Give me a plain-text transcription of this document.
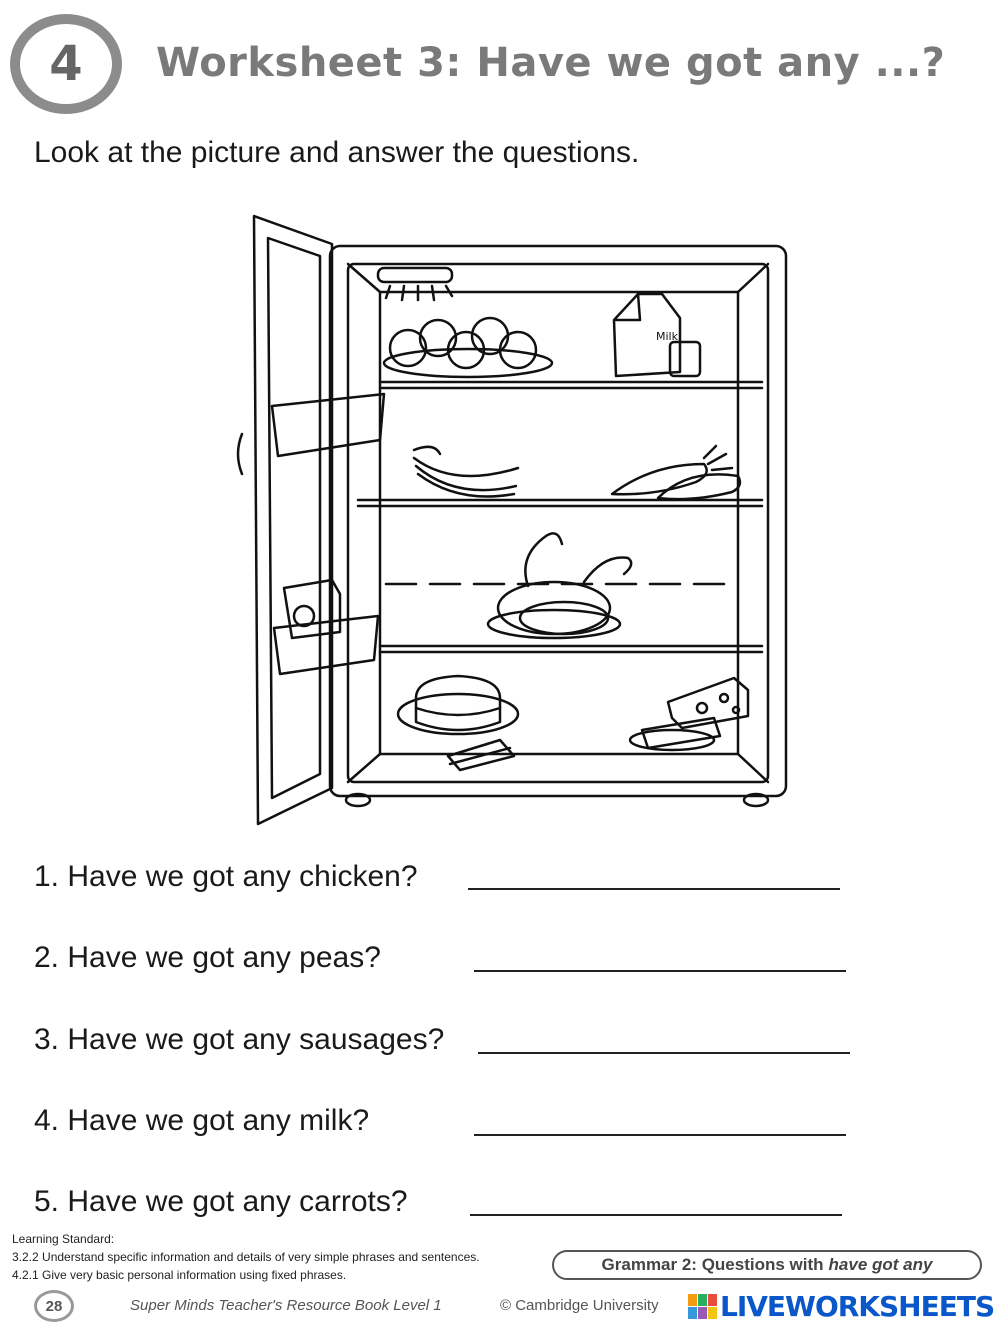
4 Worksheet 3: Have we got any ...?
Look at the picture and answer the questions.
Milk
1. Have we got any chicken?
2. Have we got any peas?
3. Have we got any sausages?
4. Have we got any milk?
5. Have we got any carrots?
Learning Standard:
3.2.2 Understand specific information and details of very simple phrases and sentences.
4.2.1 Give very basic personal information using fixed phrases.
Grammar 2: Questions with have got any
28	Super Minds Teacher's Resource Book Level 1	© Cambridge University LIVEWORKSHEETS
